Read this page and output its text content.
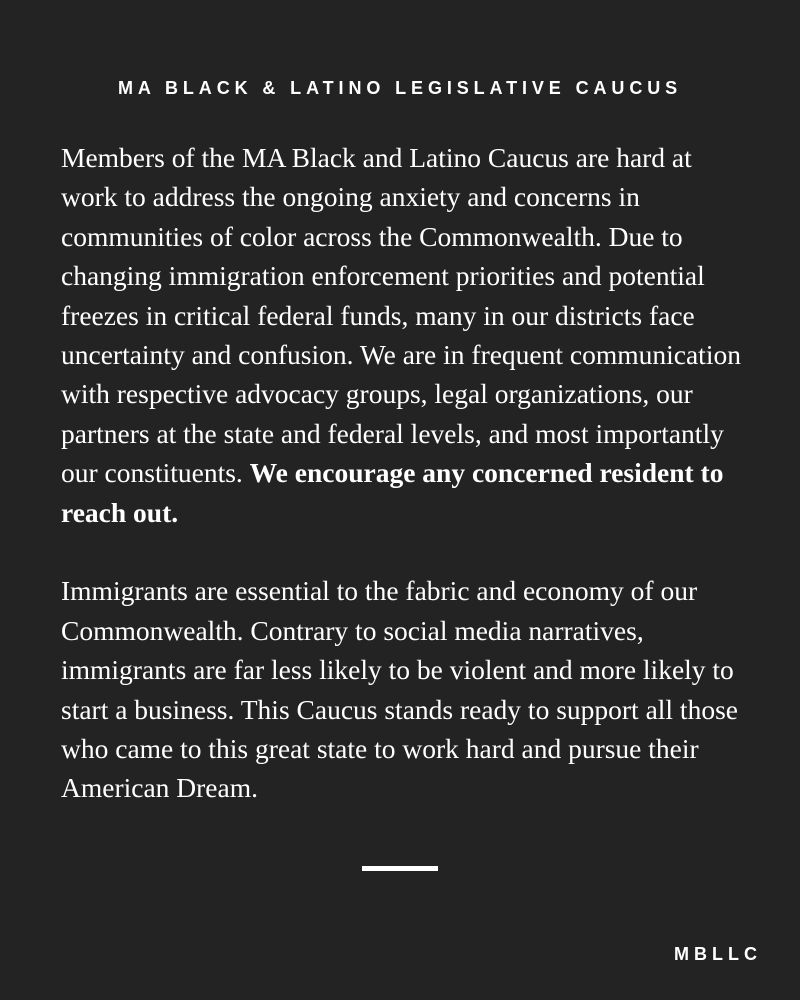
MA BLACK & LATINO LEGISLATIVE CAUCUS

Members of the MA Black and Latino Caucus are hard at work to address the ongoing anxiety and concerns in communities of color across the Commonwealth. Due to changing immigration enforcement priorities and potential freezes in critical federal funds, many in our districts face uncertainty and confusion. We are in frequent communication with respective advocacy groups, legal organizations, our partners at the state and federal levels, and most importantly our constituents. We encourage any concerned resident to reach out.

Immigrants are essential to the fabric and economy of our Commonwealth. Contrary to social media narratives, immigrants are far less likely to be violent and more likely to start a business. This Caucus stands ready to support all those who came to this great state to work hard and pursue their American Dream.

MBLLC
